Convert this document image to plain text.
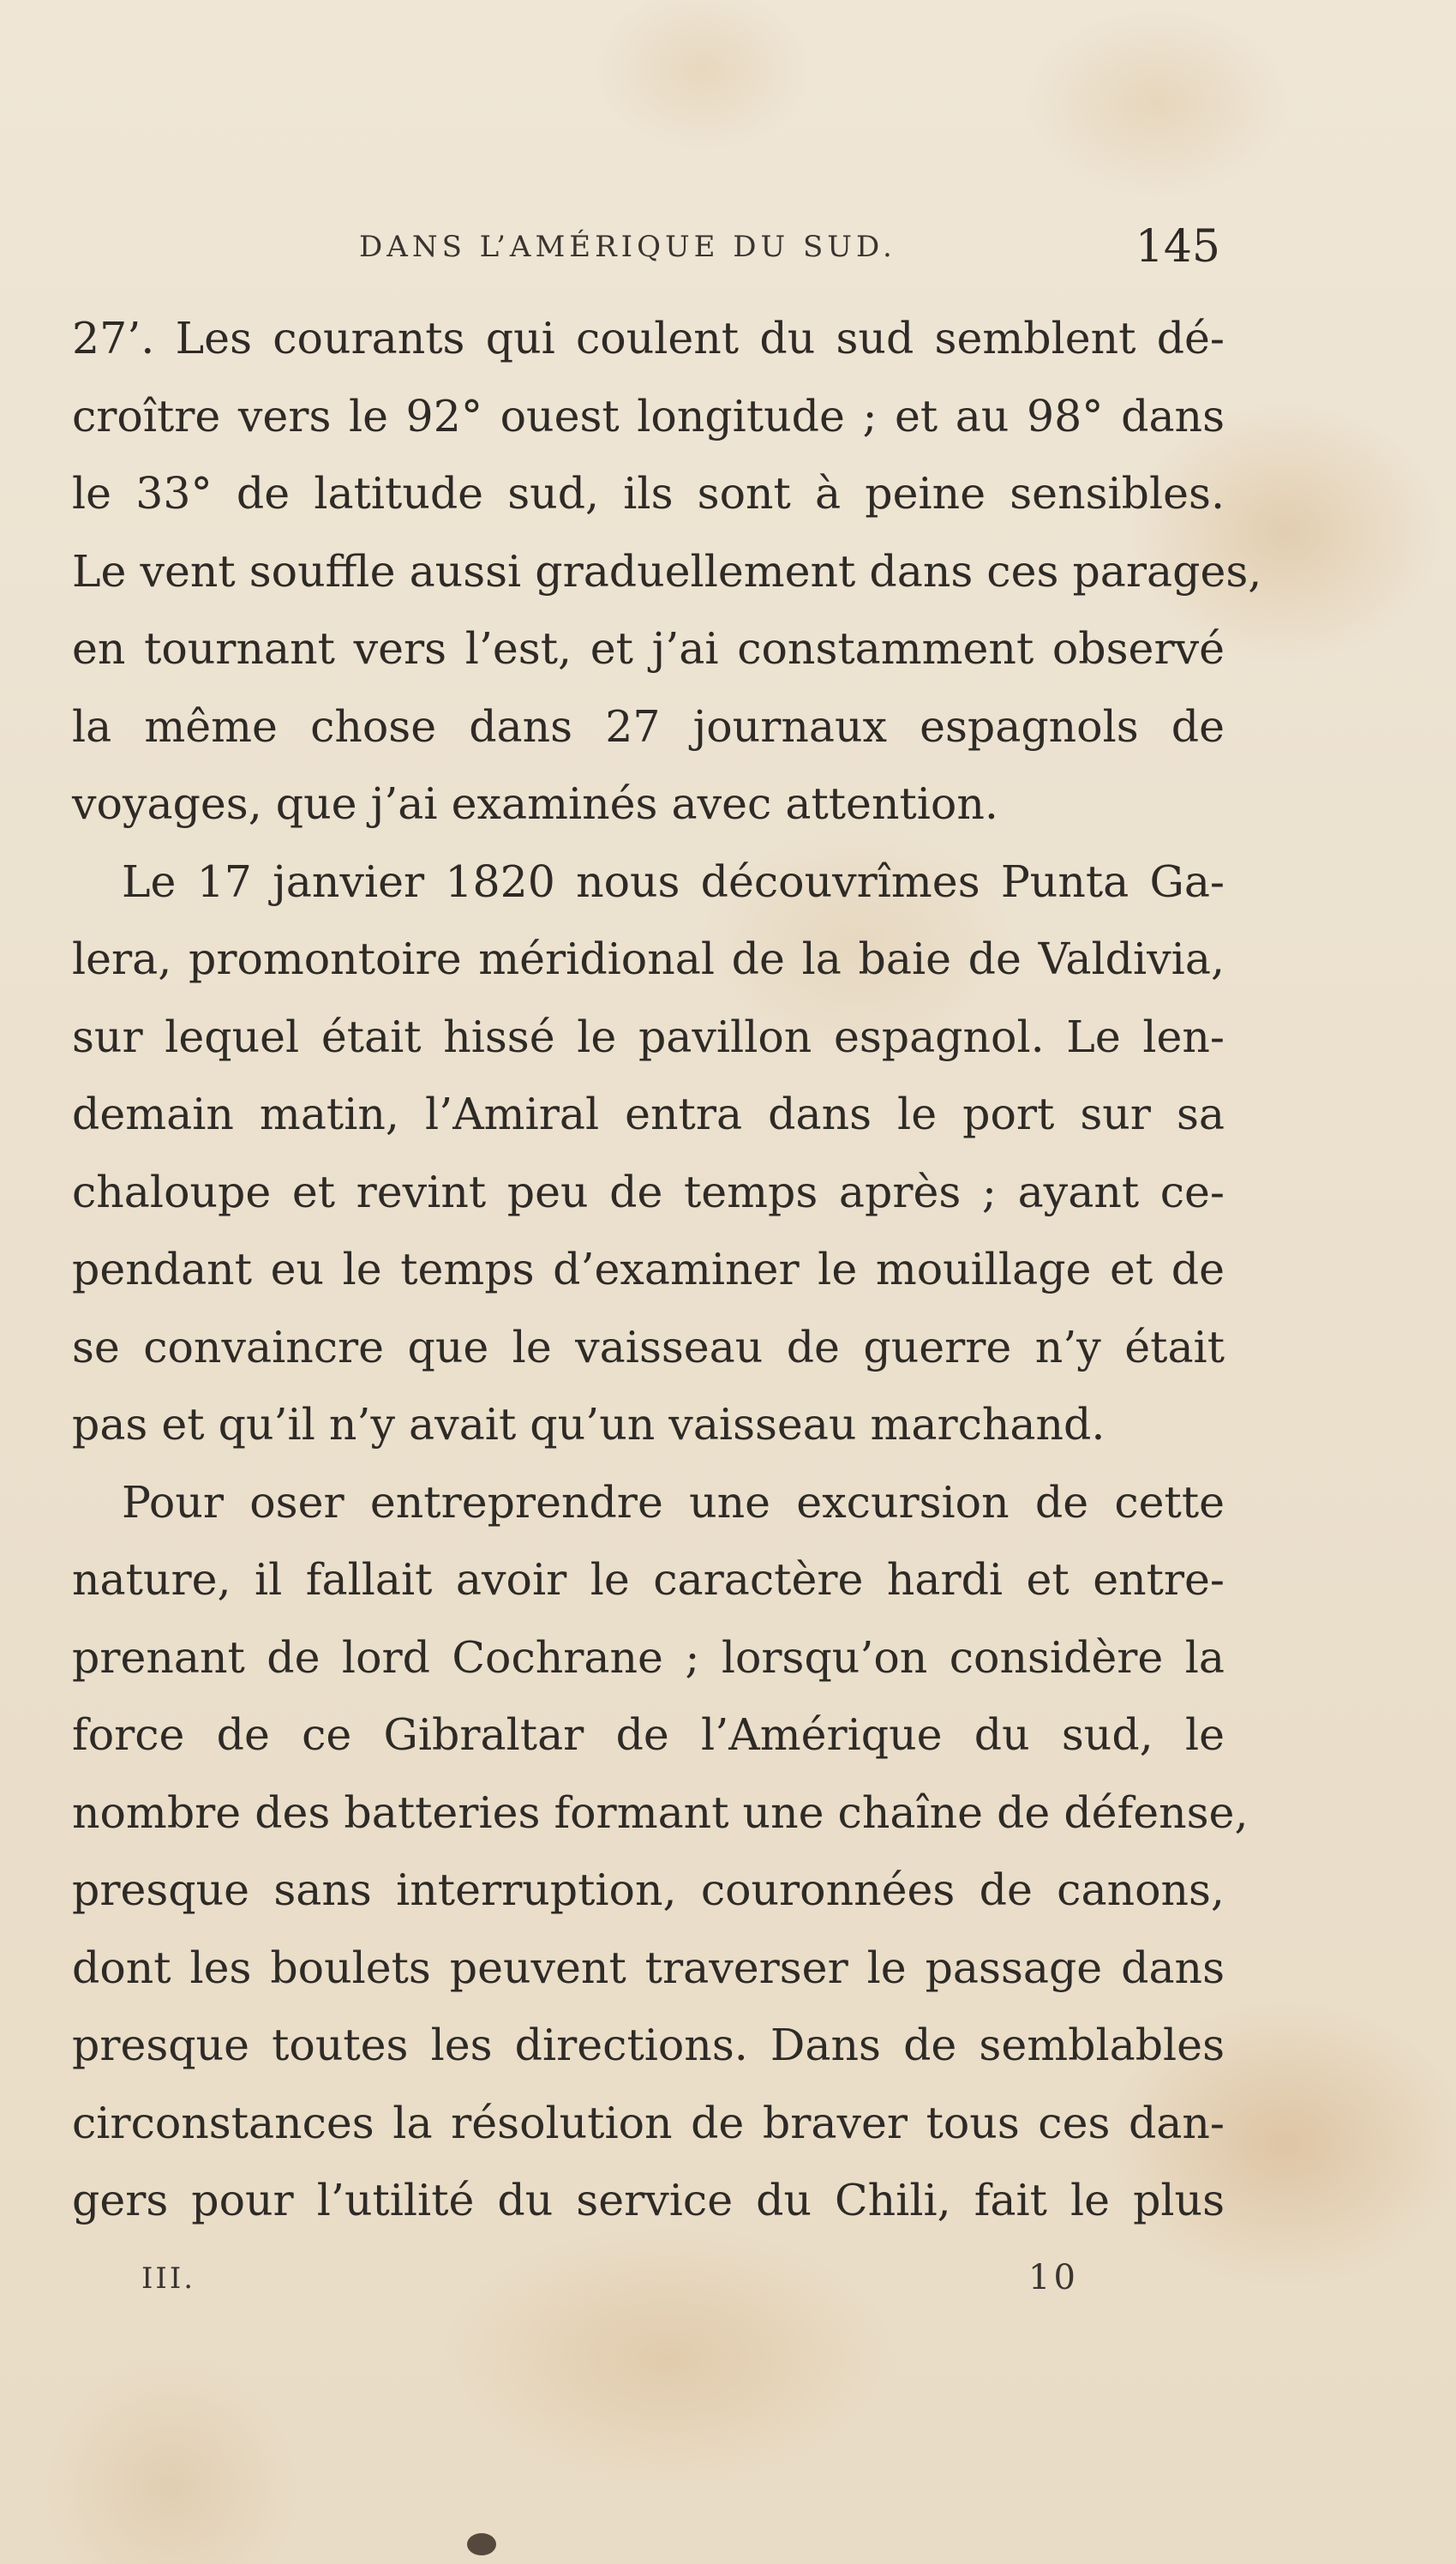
DANS L’AMÉRIQUE DU SUD.	145
27’. Les courants qui coulent du sud semblent dé-
croître vers le 92° ouest longitude ; et au 98° dans
le 33° de latitude sud, ils sont à peine sensibles.
Le vent souffle aussi graduellement dans ces parages,
en tournant vers l’est, et j’ai constamment observé
la même chose dans 27 journaux espagnols de
voyages, que j’ai examinés avec attention.
Le 17 janvier 1820 nous découvrîmes Punta Ga-
lera, promontoire méridional de la baie de Valdivia,
sur lequel était hissé le pavillon espagnol. Le len-
demain matin, l’Amiral entra dans le port sur sa
chaloupe et revint peu de temps après ; ayant ce-
pendant eu le temps d’examiner le mouillage et de
se convaincre que le vaisseau de guerre n’y était
pas et qu’il n’y avait qu’un vaisseau marchand.
Pour oser entreprendre une excursion de cette
nature, il fallait avoir le caractère hardi et entre-
prenant de lord Cochrane ; lorsqu’on considère la
force de ce Gibraltar de l’Amérique du sud, le
nombre des batteries formant une chaîne de défense,
presque sans interruption, couronnées de canons,
dont les boulets peuvent traverser le passage dans
presque toutes les directions. Dans de semblables
circonstances la résolution de braver tous ces dan-
gers pour l’utilité du service du Chili, fait le plus
III.	10
